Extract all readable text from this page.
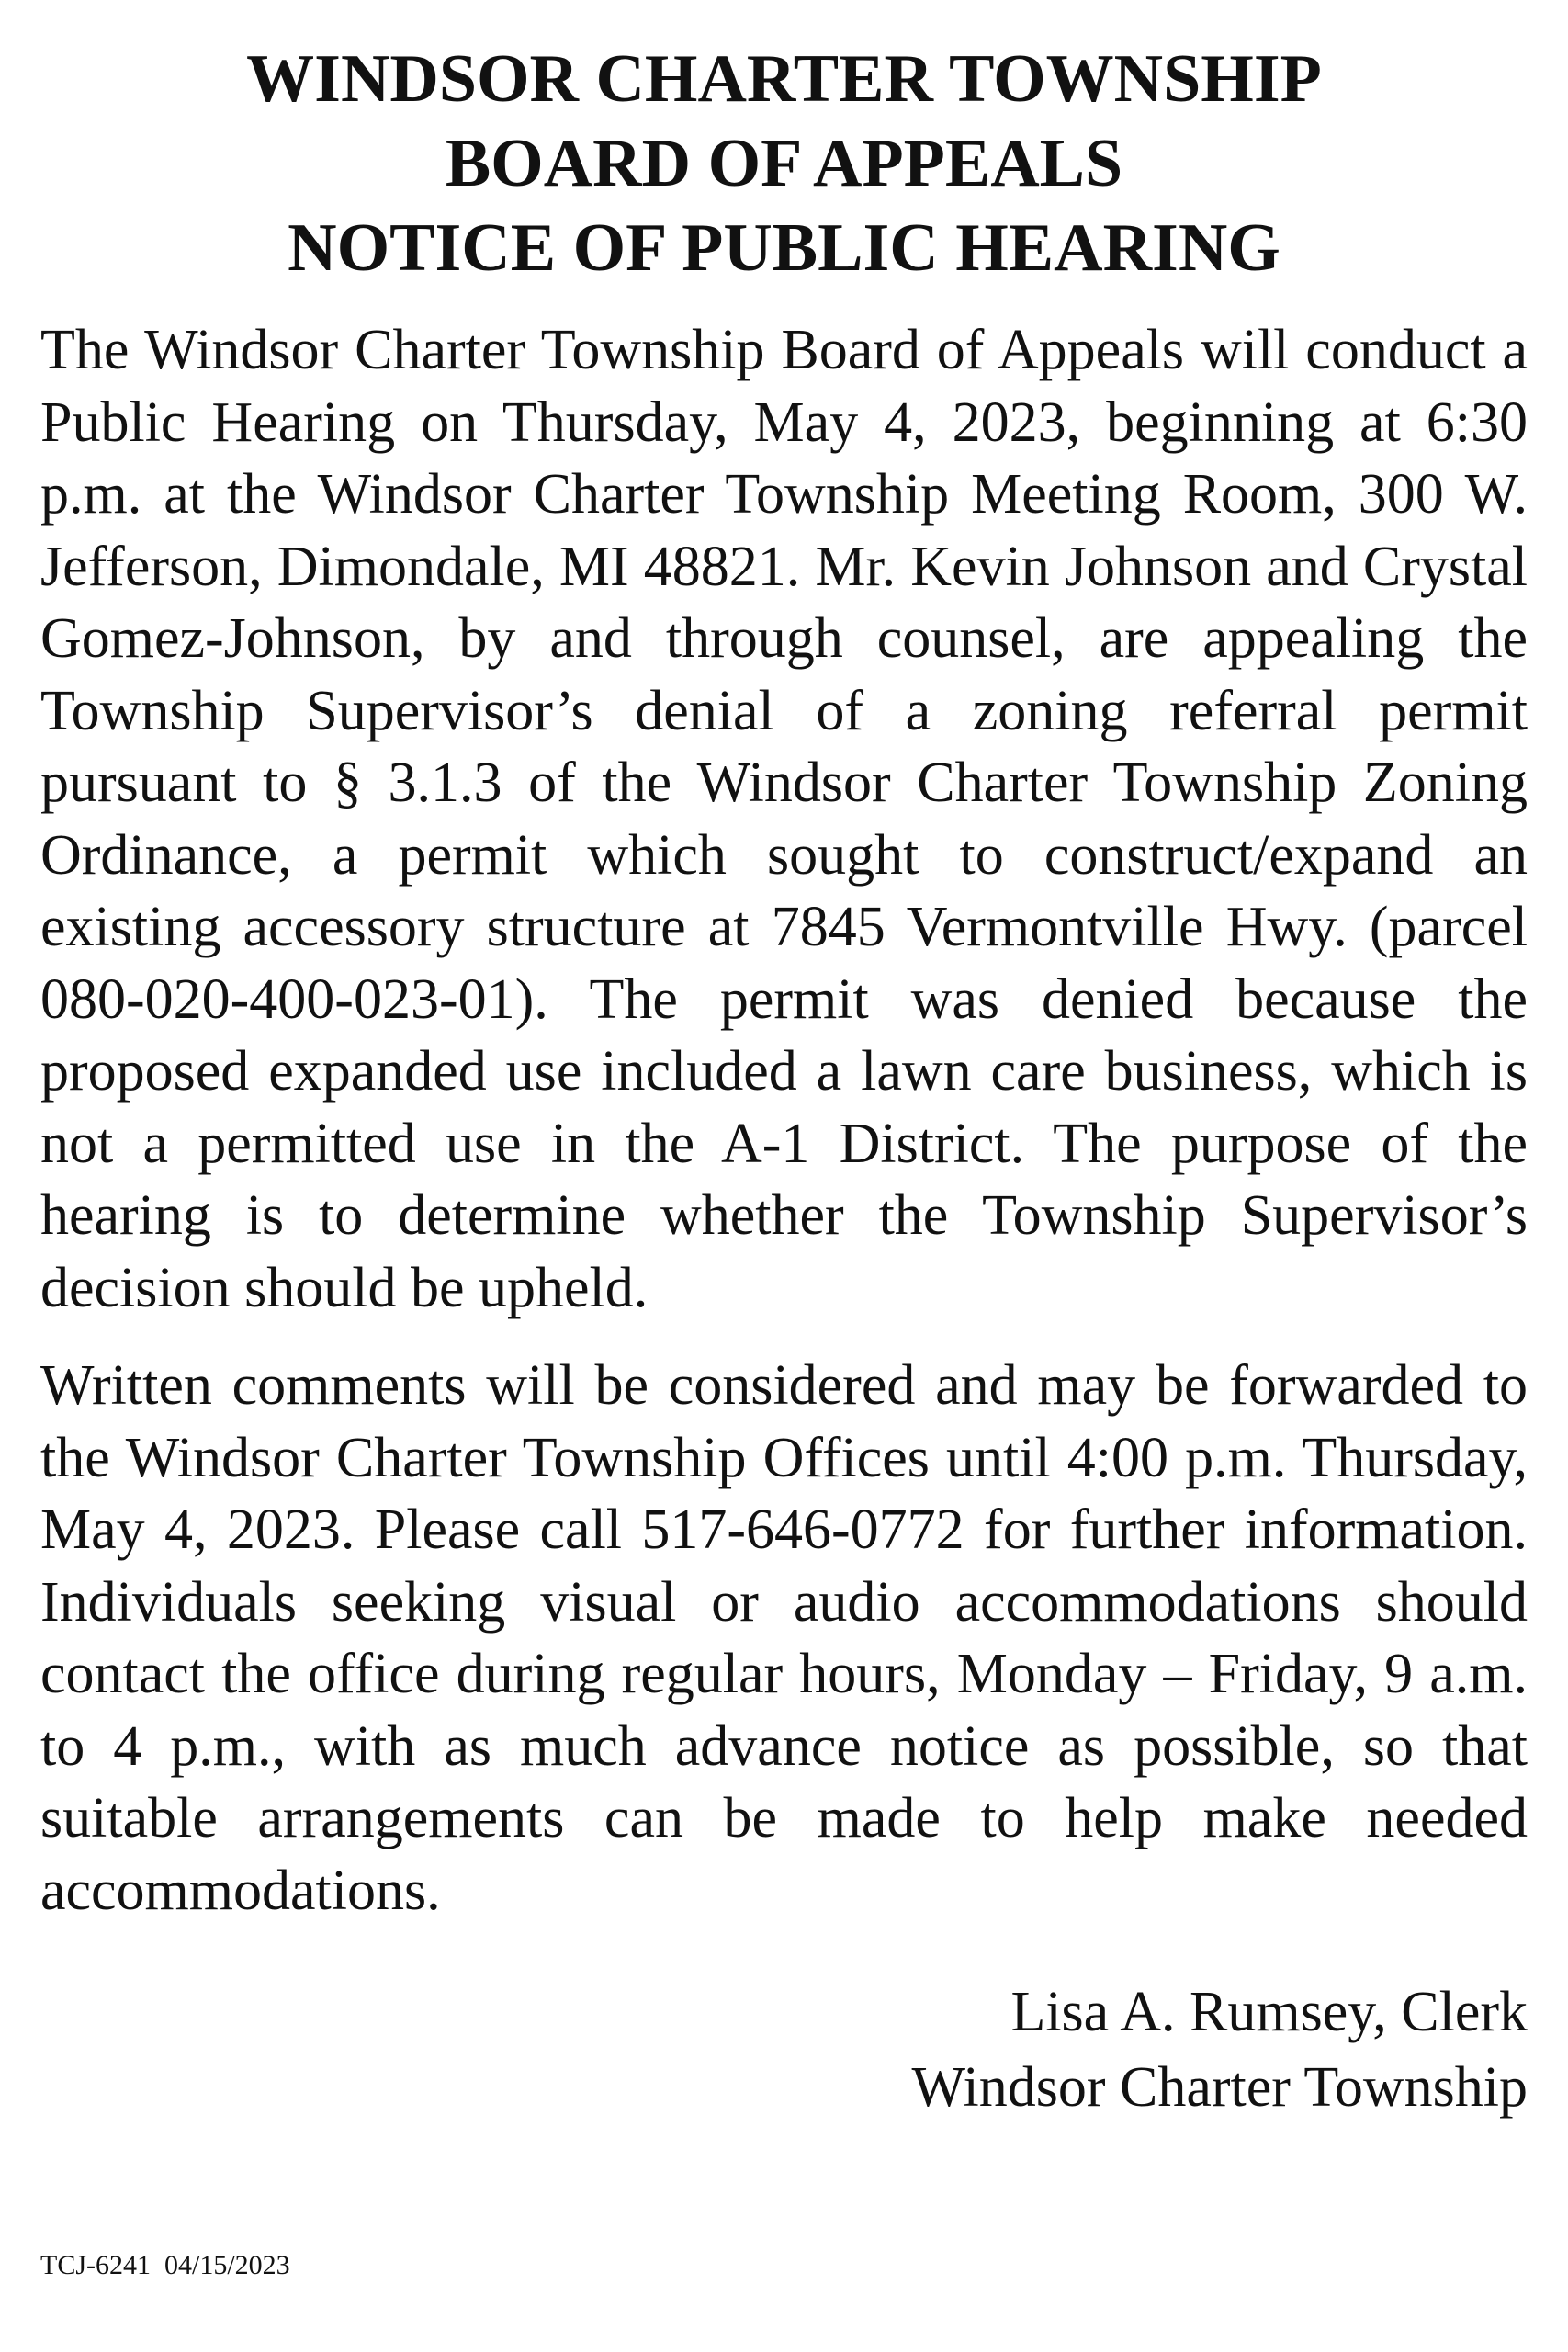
WINDSOR CHARTER TOWNSHIP
BOARD OF APPEALS
NOTICE OF PUBLIC HEARING

The Windsor Charter Township Board of Appeals will conduct a Public Hearing on Thursday, May 4, 2023, beginning at 6:30 p.m. at the Windsor Charter Township Meeting Room, 300 W. Jefferson, Dimondale, MI 48821. Mr. Kevin Johnson and Crystal Gomez-Johnson, by and through counsel, are appealing the Township Supervisor’s denial of a zoning referral permit pursuant to § 3.1.3 of the Windsor Charter Township Zoning Ordinance, a permit which sought to construct/expand an existing accessory structure at 7845 Vermontville Hwy. (parcel 080-020-400-023-01). The permit was denied because the proposed expanded use included a lawn care business, which is not a permitted use in the A-1 District. The purpose of the hearing is to determine whether the Township Supervisor’s decision should be upheld.

Written comments will be considered and may be forwarded to the Windsor Charter Township Offices until 4:00 p.m. Thursday, May 4, 2023. Please call 517-646-0772 for further information. Individuals seeking visual or audio accommodations should contact the office during regular hours, Monday – Friday, 9 a.m. to 4 p.m., with as much advance notice as possible, so that suitable arrangements can be made to help make needed accommodations.

Lisa A. Rumsey, Clerk
Windsor Charter Township
TCJ-6241 04/15/2023
